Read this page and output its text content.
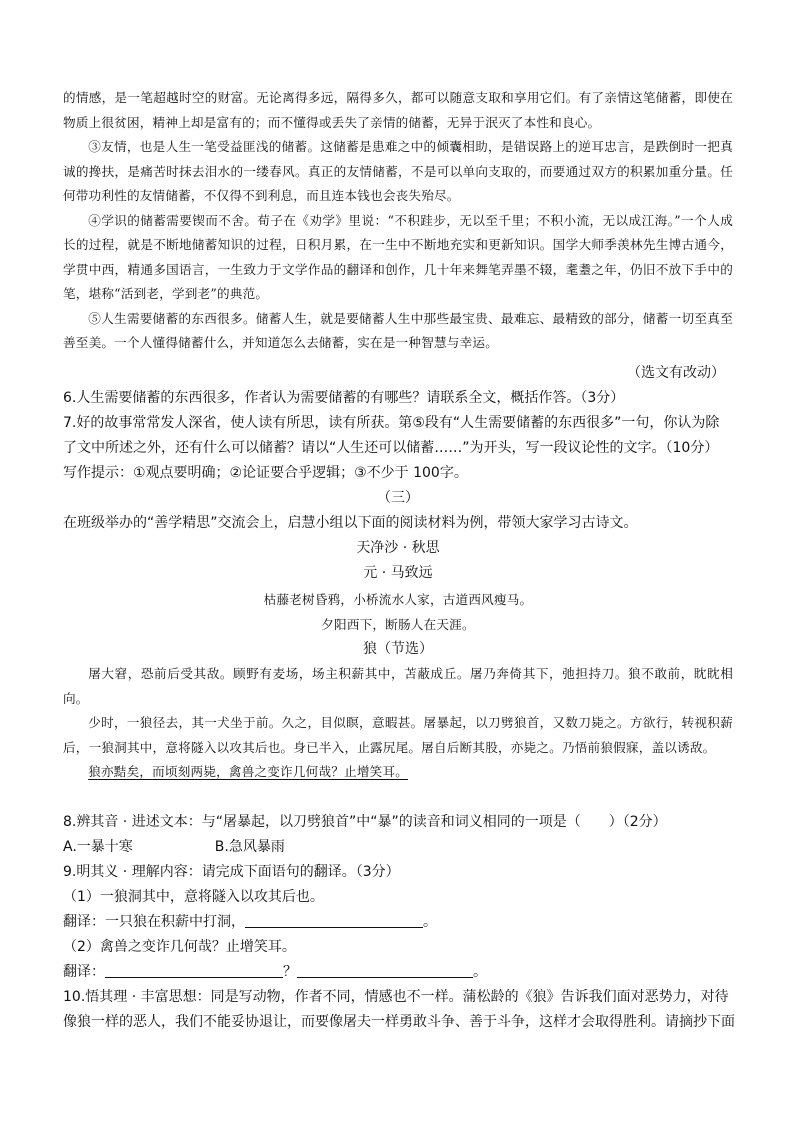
的情感，是一笔超越时空的财富。无论离得多远，隔得多久，都可以随意支取和享用它们。有了亲情这笔储蓄，即使在物质上很贫困，精神上却是富有的；而不懂得或丢失了亲情的储蓄，无异于泯灭了本性和良心。

③友情，也是人生一笔受益匪浅的储蓄。这储蓄是患难之中的倾囊相助，是错误路上的逆耳忠言，是跌倒时一把真诚的搀扶，是痛苦时抹去泪水的一缕春风。真正的友情储蓄，不是可以单向支取的，而要通过双方的积累加重分量。任何带功利性的友情储蓄，不仅得不到利息，而且连本钱也会丧失殆尽。

④学识的储蓄需要锲而不舍。荀子在《劝学》里说：“不积跬步，无以至千里；不积小流，无以成江海。”一个人成长的过程，就是不断地储蓄知识的过程，日积月累，在一生中不断地充实和更新知识。国学大师季羡林先生博古通今，学贯中西，精通多国语言，一生致力于文学作品的翻译和创作，几十年来舞笔弄墨不辍，耄耋之年，仍旧不放下手中的笔，堪称“活到老，学到老”的典范。

⑤人生需要储蓄的东西很多。储蓄人生，就是要储蓄人生中那些最宝贵、最难忘、最精致的部分，储蓄一切至真至善至美。一个人懂得储蓄什么，并知道怎么去储蓄，实在是一种智慧与幸运。

（选文有改动）

6.人生需要储蓄的东西很多，作者认为需要储蓄的有哪些？请联系全文，概括作答。（3分）

7.好的故事常常发人深省，使人读有所思，读有所获。第⑤段有“人生需要储蓄的东西很多”一句，你认为除

了文中所述之外，还有什么可以储蓄？请以“人生还可以储蓄……”为开头，写一段议论性的文字。（10分）

写作提示：①观点要明确；②论证要合乎逻辑；③不少于 100字。

（三）

在班级举办的“善学精思”交流会上，启慧小组以下面的阅读材料为例，带领大家学习古诗文。

天净沙 · 秋思

元 · 马致远

枯藤老树昏鸦，小桥流水人家，古道西风瘦马。

夕阳西下，断肠人在天涯。

狼（节选）

屠大窘，恐前后受其敌。顾野有麦场，场主积薪其中，苫蔽成丘。屠乃奔倚其下，弛担持刀。狼不敢前，眈眈相向。

少时，一狼径去，其一犬坐于前。久之，目似瞑，意暇甚。屠暴起，以刀劈狼首，又数刀毙之。方欲行，转视积薪后，一狼洞其中，意将隧入以攻其后也。身已半入，止露尻尾。屠自后断其股，亦毙之。乃悟前狼假寐，盖以诱敌。

狼亦黠矣，而顷刻两毙，禽兽之变诈几何哉？止增笑耳。

8.辨其音 · 进述文本：与“屠暴起，以刀劈狼首”中“暴”的读音和词义相同的一项是（　　）（2分）

A.一暴十寒	B.急风暴雨

9.明其义 · 理解内容：请完成下面语句的翻译。（3分）

（1）一狼洞其中，意将隧入以攻其后也。

翻译：一只狼在积薪中打洞，	。

（2）禽兽之变诈几何哉？止增笑耳。

翻译：	？	。

10.悟其理 · 丰富思想：同是写动物，作者不同，情感也不一样。蒲松龄的《狼》告诉我们面对恶势力，对待

像狼一样的恶人，我们不能妥协退让，而要像屠夫一样勇敢斗争、善于斗争，这样才会取得胜利。请摘抄下面
